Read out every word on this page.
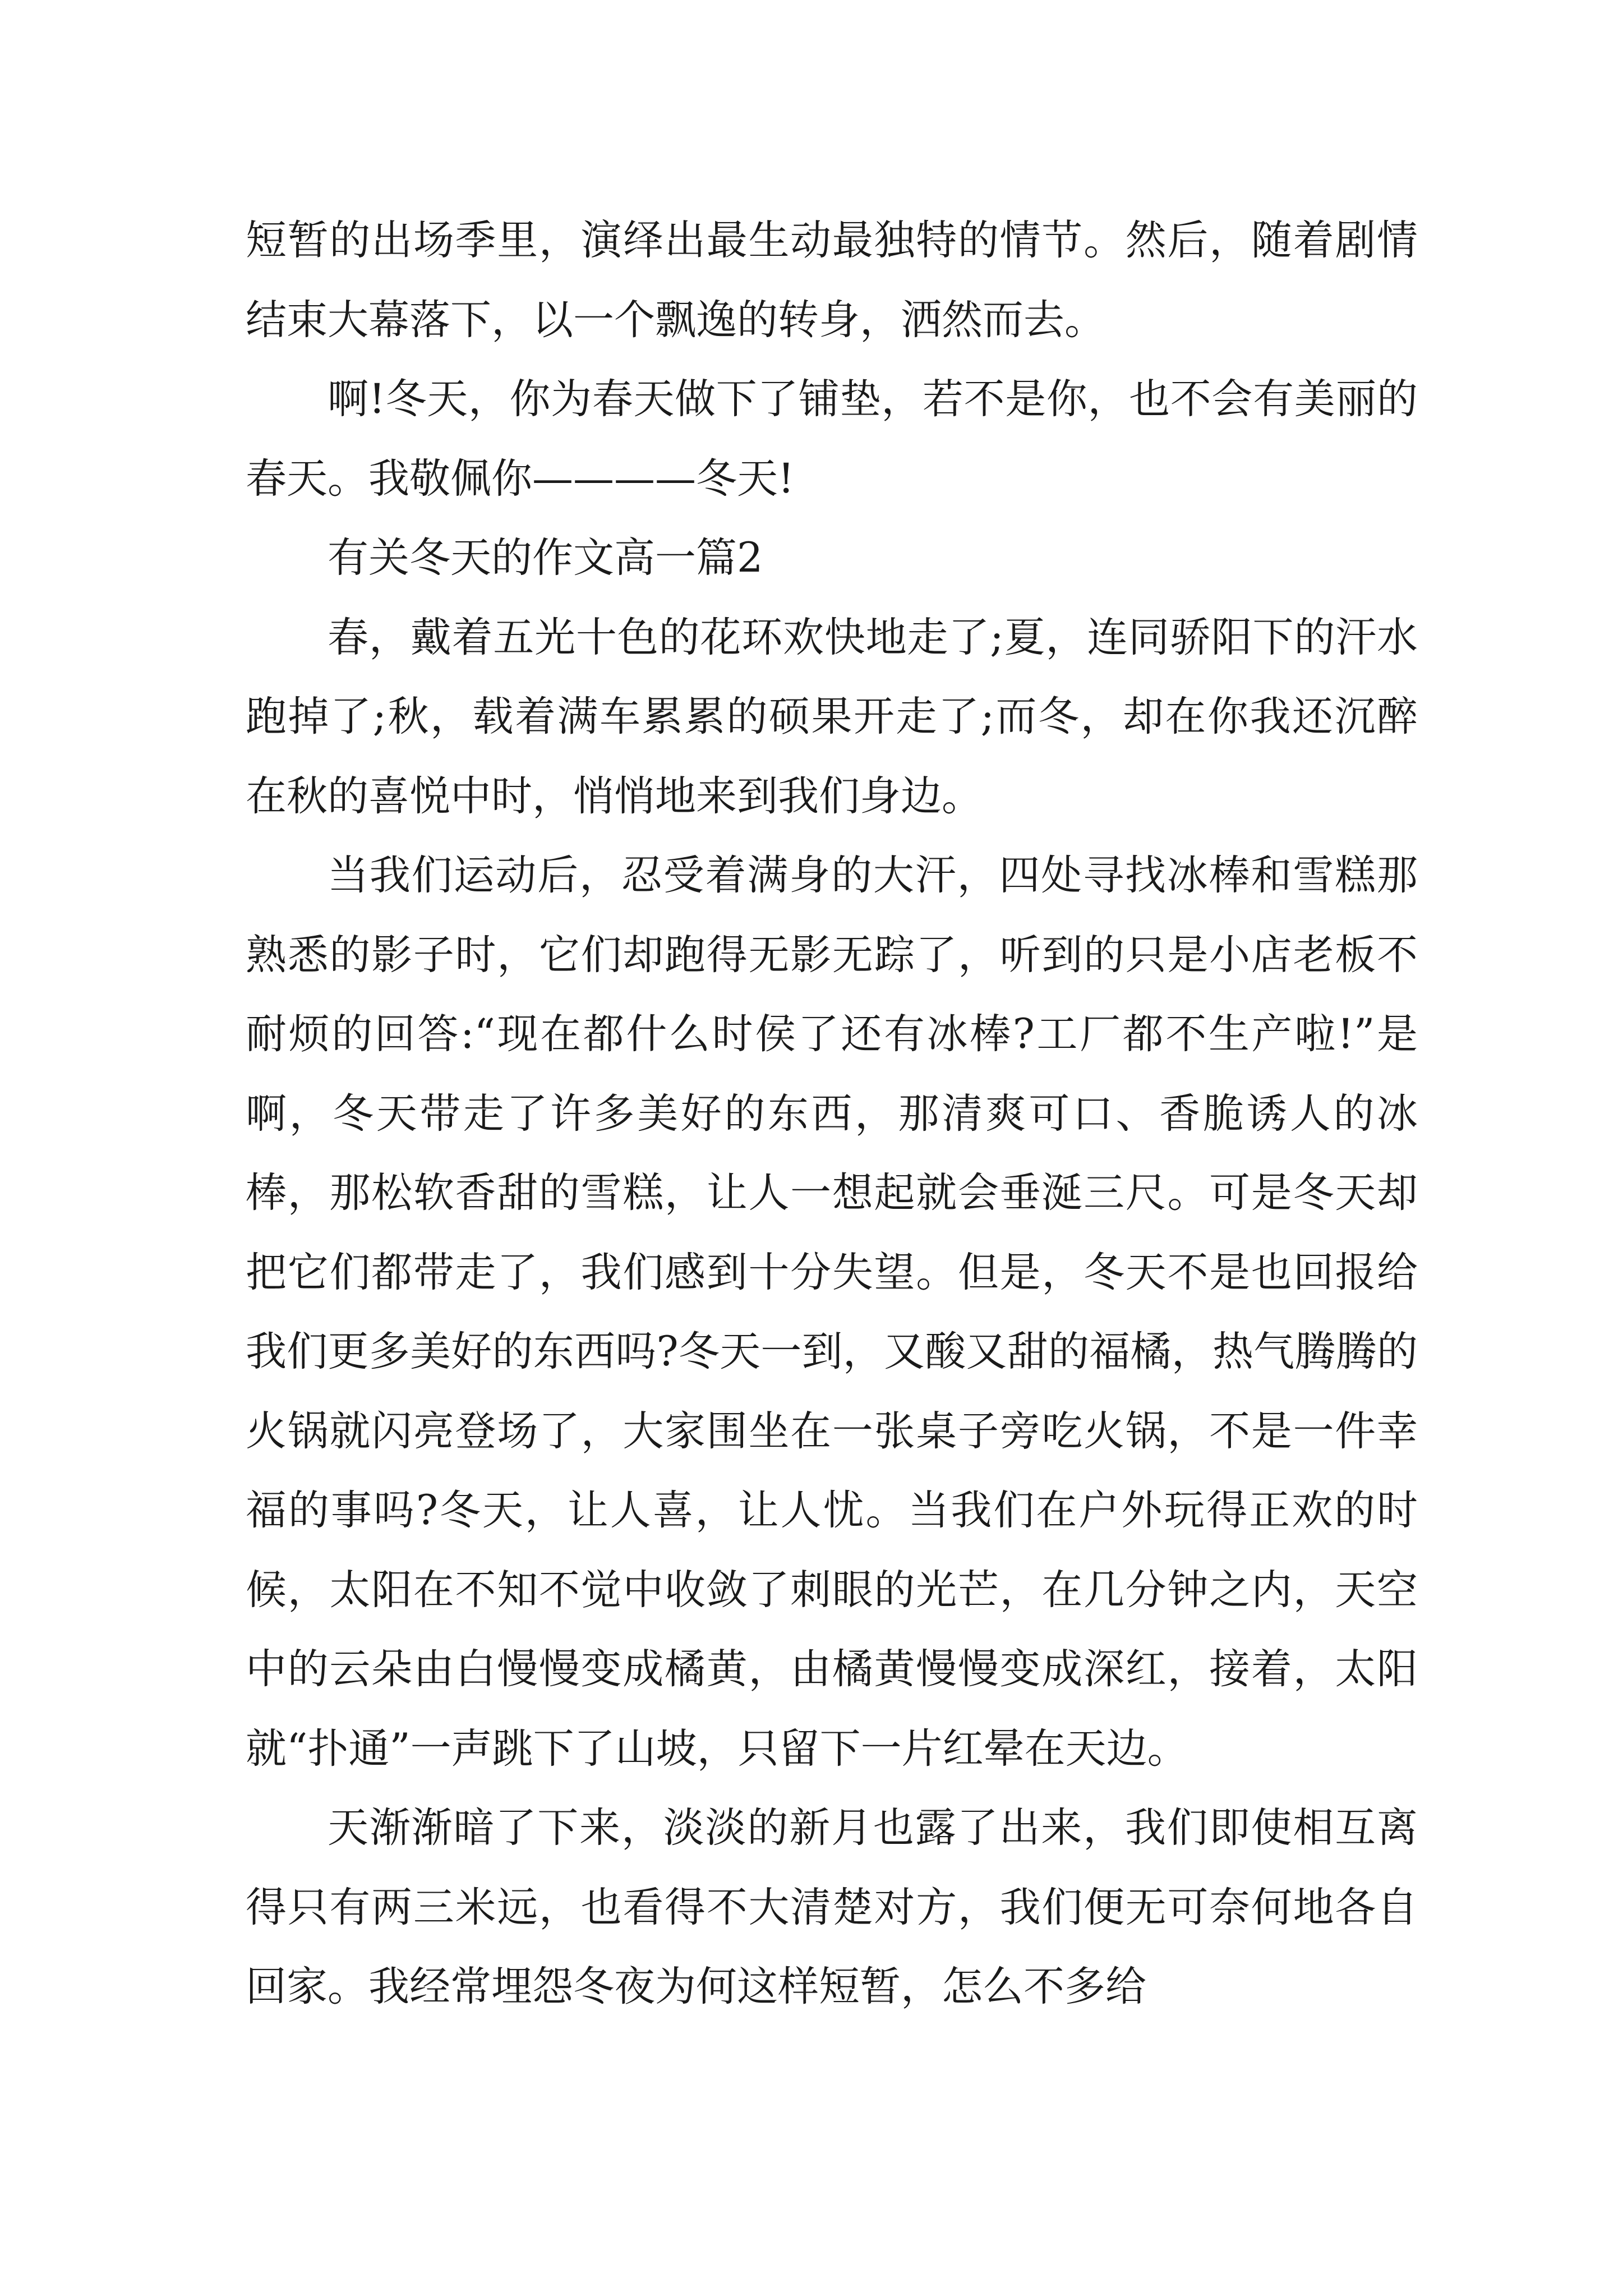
短暂的出场季里，演绎出最生动最独特的情节。然后，随着剧情结束大幕落下，以一个飘逸的转身，洒然而去。

啊!冬天，你为春天做下了铺垫，若不是你，也不会有美丽的春天。我敬佩你————冬天!

有关冬天的作文高一篇2

春，戴着五光十色的花环欢快地走了;夏，连同骄阳下的汗水跑掉了;秋，载着满车累累的硕果开走了;而冬，却在你我还沉醉在秋的喜悦中时，悄悄地来到我们身边。

当我们运动后，忍受着满身的大汗，四处寻找冰棒和雪糕那熟悉的影子时，它们却跑得无影无踪了，听到的只是小店老板不耐烦的回答:“现在都什么时侯了还有冰棒?工厂都不生产啦!”是啊，冬天带走了许多美好的东西，那清爽可口、香脆诱人的冰棒，那松软香甜的雪糕，让人一想起就会垂涎三尺。可是冬天却把它们都带走了，我们感到十分失望。但是，冬天不是也回报给我们更多美好的东西吗?冬天一到，又酸又甜的福橘，热气腾腾的火锅就闪亮登场了，大家围坐在一张桌子旁吃火锅，不是一件幸福的事吗?冬天，让人喜，让人忧。当我们在户外玩得正欢的时候，太阳在不知不觉中收敛了刺眼的光芒，在几分钟之内，天空中的云朵由白慢慢变成橘黄，由橘黄慢慢变成深红，接着，太阳就“扑通”一声跳下了山坡，只留下一片红晕在天边。

天渐渐暗了下来，淡淡的新月也露了出来，我们即使相互离得只有两三米远，也看得不大清楚对方，我们便无可奈何地各自回家。我经常埋怨冬夜为何这样短暂，怎么不多给
